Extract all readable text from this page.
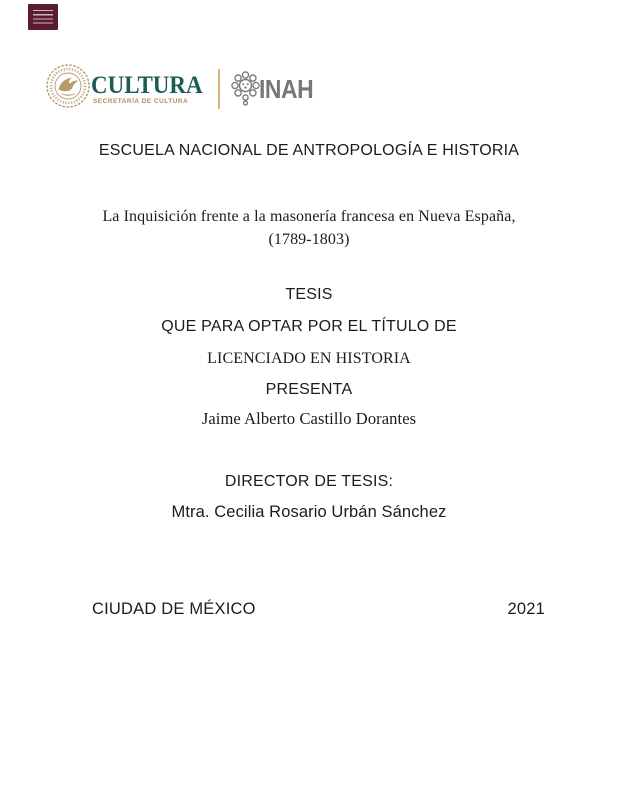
CULTURA
SECRETARÍA DE CULTURA	INAH
ESCUELA NACIONAL DE ANTROPOLOGÍA E HISTORIA
La Inquisición frente a la masonería francesa en Nueva España,
(1789-1803)
TESIS
QUE PARA OPTAR POR EL TÍTULO DE
LICENCIADO EN HISTORIA
PRESENTA
Jaime Alberto Castillo Dorantes
DIRECTOR DE TESIS:
Mtra. Cecilia Rosario Urbán Sánchez
CIUDAD DE MÉXICO	2021
